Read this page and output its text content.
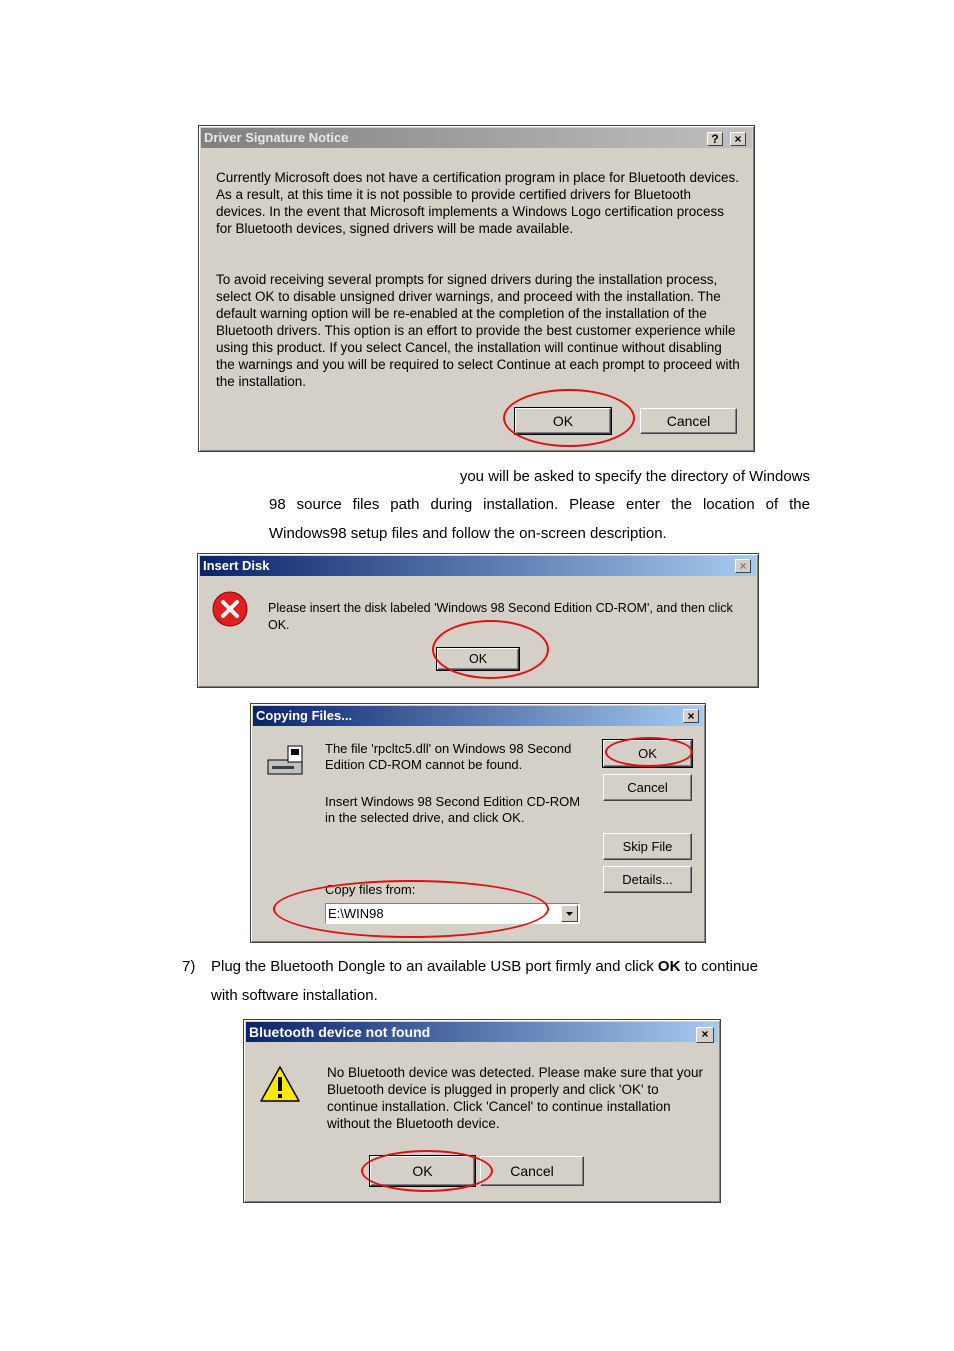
Driver Signature Notice	?	×
Currently Microsoft does not have a certification program in place for Bluetooth devices. As a result, at this time it is not possible to provide certified drivers for Bluetooth devices. In the event that Microsoft implements a Windows Logo certification process for Bluetooth devices, signed drivers will be made available.
To avoid receiving several prompts for signed drivers during the installation process, select OK to disable unsigned driver warnings, and proceed with the installation. The default warning option will be re-enabled at the completion of the installation of the Bluetooth drivers. This option is an effort to provide the best customer experience while using this product. If you select Cancel, the installation will continue without disabling the warnings and you will be required to select Continue at each prompt to proceed with the installation.
OK	Cancel
you will be asked to specify the directory of Windows
98 source files path during installation. Please enter the location of the
Windows98 setup files and follow the on-screen description.
Insert Disk	×
Please insert the disk labeled 'Windows 98 Second Edition CD-ROM', and then click OK.
OK
Copying Files...	×
The file 'rpcltc5.dll' on Windows 98 Second Edition CD-ROM cannot be found.
Insert Windows 98 Second Edition CD-ROM in the selected drive, and click OK.
OK
Cancel
Skip File
Details...
Copy files from:
E:\WIN98
7) Plug the Bluetooth Dongle to an available USB port firmly and click OK to continue
with software installation.
Bluetooth device not found	×
No Bluetooth device was detected. Please make sure that your Bluetooth device is plugged in properly and click 'OK' to continue installation. Click 'Cancel' to continue installation without the Bluetooth device.
OK	Cancel
